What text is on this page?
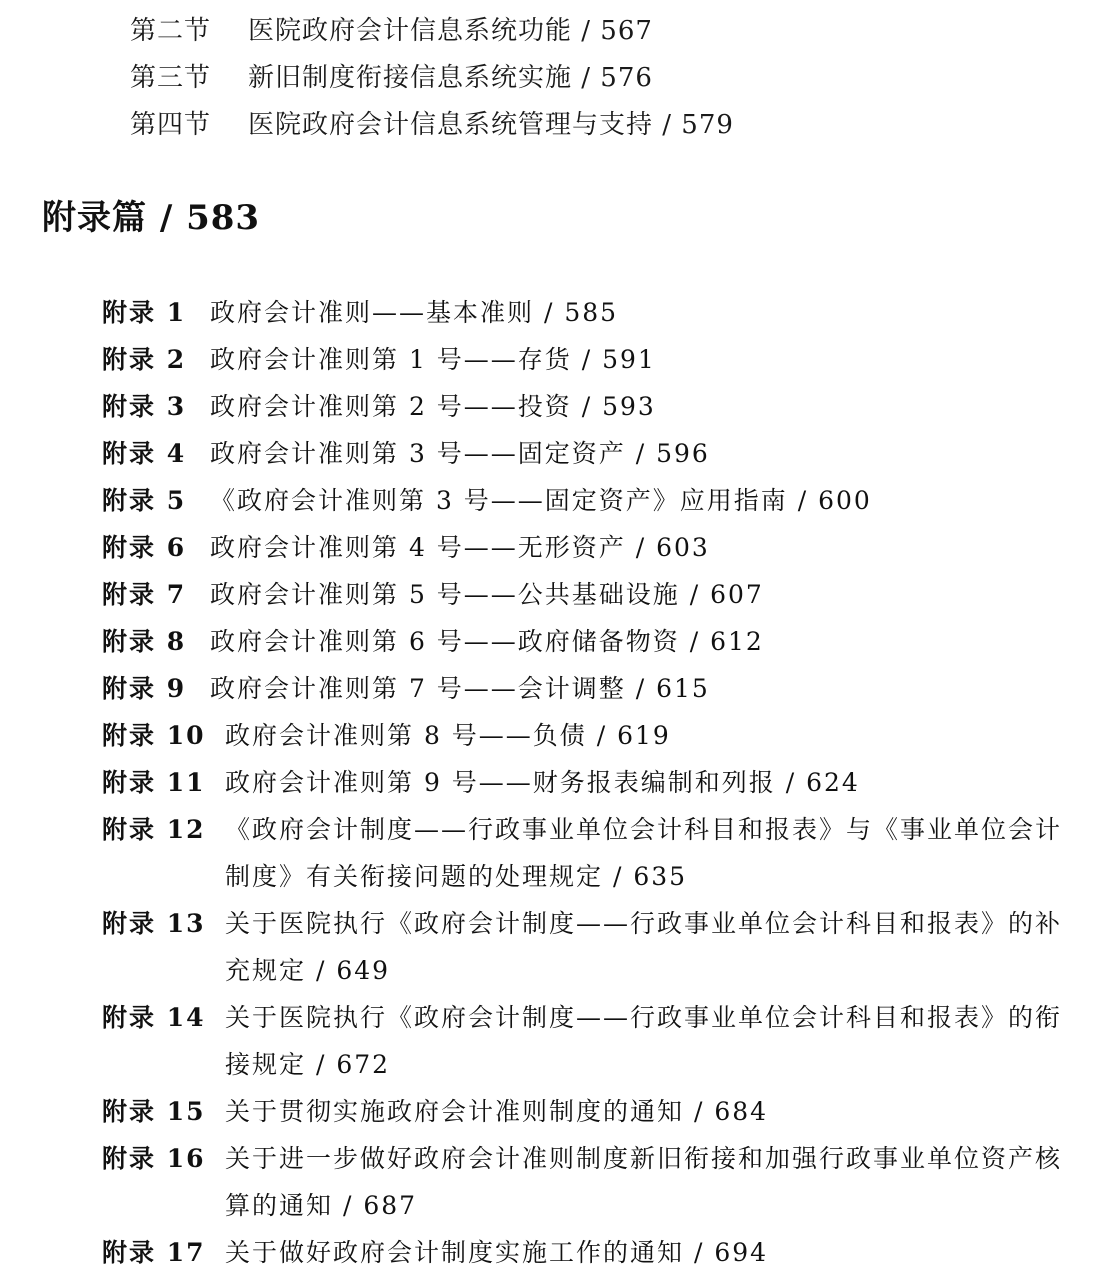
第二节	医院政府会计信息系统功能 / 567
第三节	新旧制度衔接信息系统实施 / 576
第四节	医院政府会计信息系统管理与支持 / 579
附录篇 / 583
附录 1 政府会计准则——基本准则 / 585
附录 2 政府会计准则第 1 号——存货 / 591
附录 3 政府会计准则第 2 号——投资 / 593
附录 4 政府会计准则第 3 号——固定资产 / 596
附录 5 《政府会计准则第 3 号——固定资产》应用指南 / 600
附录 6 政府会计准则第 4 号——无形资产 / 603
附录 7 政府会计准则第 5 号——公共基础设施 / 607
附录 8 政府会计准则第 6 号——政府储备物资 / 612
附录 9 政府会计准则第 7 号——会计调整 / 615
附录 10 政府会计准则第 8 号——负债 / 619
附录 11 政府会计准则第 9 号——财务报表编制和列报 / 624
附录 12 《政府会计制度——行政事业单位会计科目和报表》与《事业单位会计制度》有关衔接问题的处理规定 / 635
附录 13 关于医院执行《政府会计制度——行政事业单位会计科目和报表》的补充规定 / 649
附录 14 关于医院执行《政府会计制度——行政事业单位会计科目和报表》的衔接规定 / 672
附录 15 关于贯彻实施政府会计准则制度的通知 / 684
附录 16 关于进一步做好政府会计准则制度新旧衔接和加强行政事业单位资产核算的通知 / 687
附录 17 关于做好政府会计制度实施工作的通知 / 694
